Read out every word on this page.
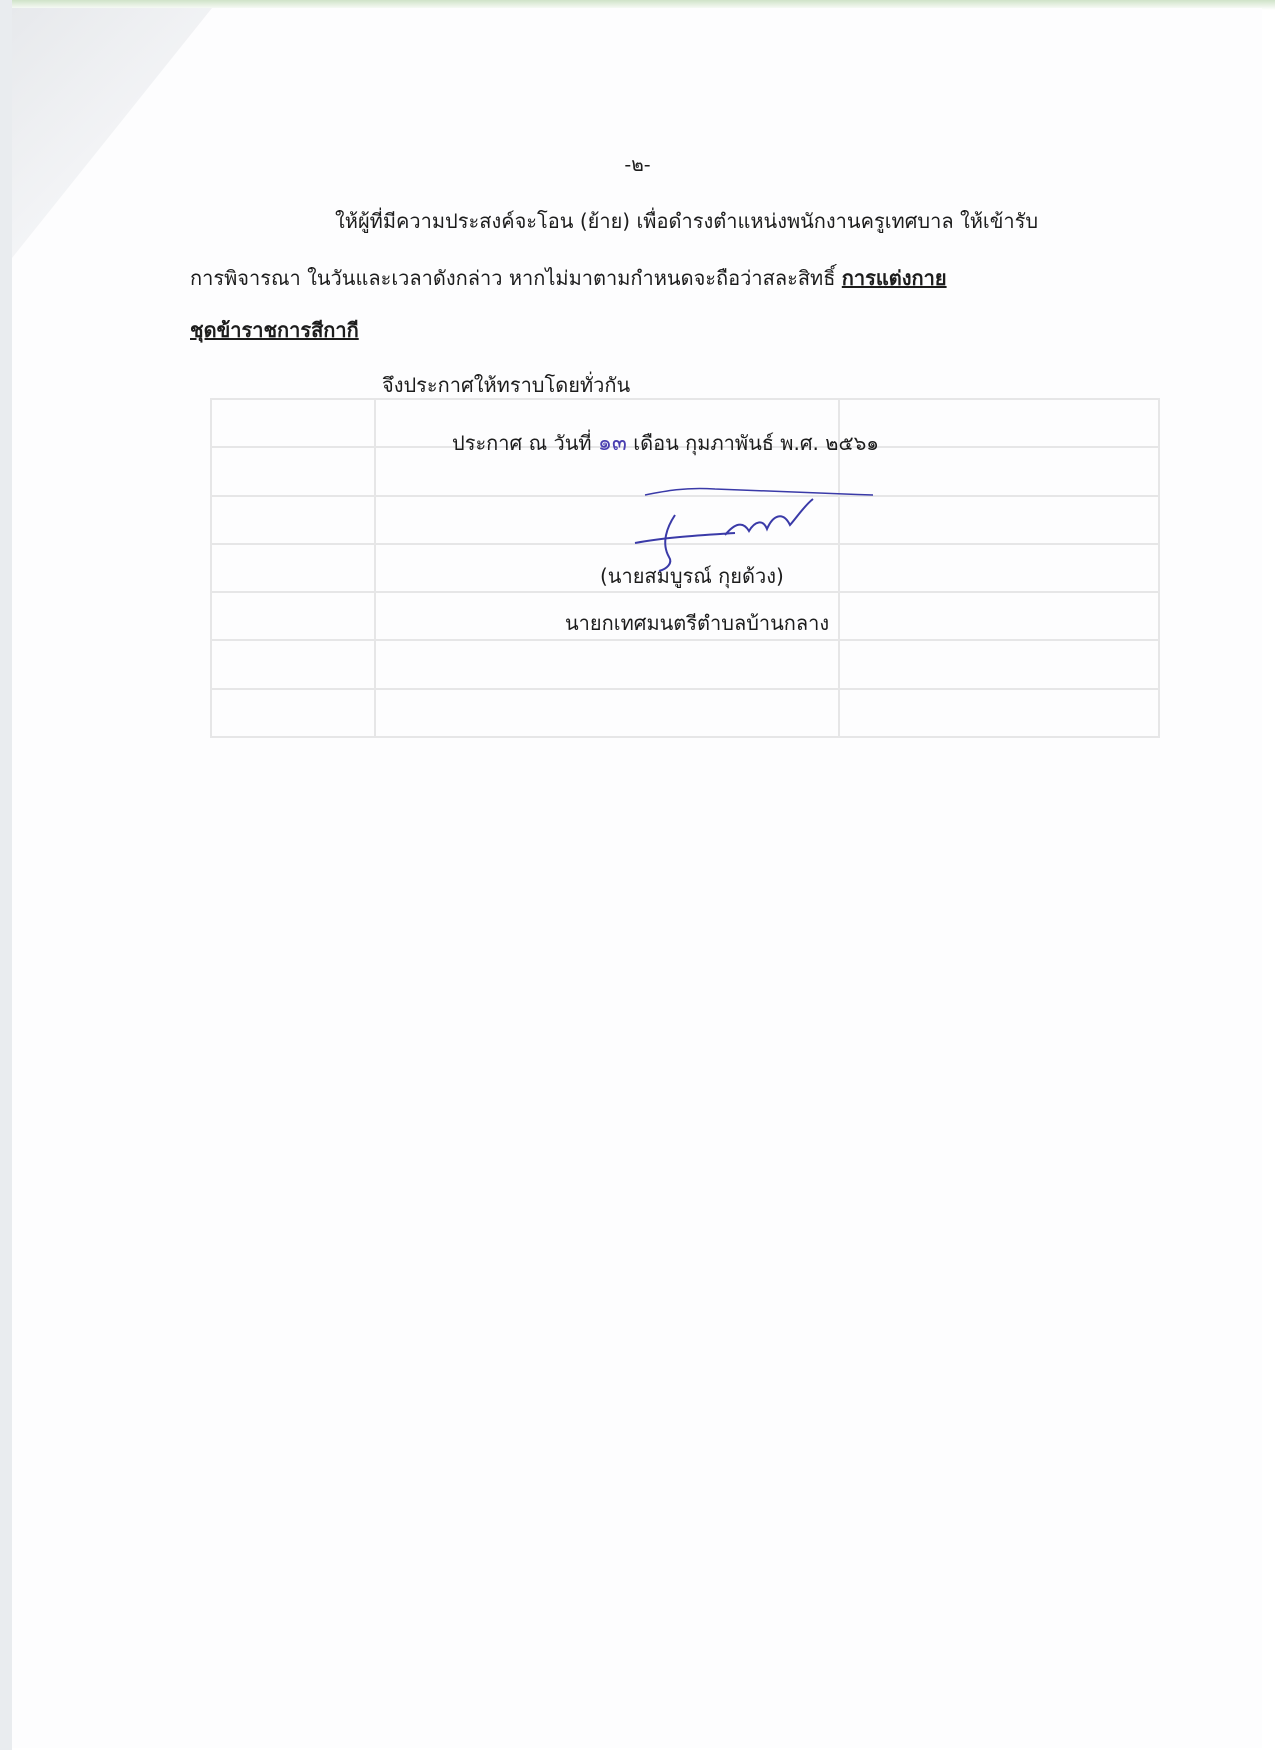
-๒-
ให้ผู้ที่มีความประสงค์จะโอน (ย้าย) เพื่อดำรงตำแหน่งพนักงานครูเทศบาล ให้เข้ารับ
การพิจารณา ในวันและเวลาดังกล่าว หากไม่มาตามกำหนดจะถือว่าสละสิทธิ์ การแต่งกาย
ชุดข้าราชการสีกากี
จึงประกาศให้ทราบโดยทั่วกัน
ประกาศ ณ วันที่ ๑๓ เดือน กุมภาพันธ์ พ.ศ. ๒๕๖๑
(นายสมบูรณ์ กุยด้วง)
นายกเทศมนตรีตำบลบ้านกลาง
